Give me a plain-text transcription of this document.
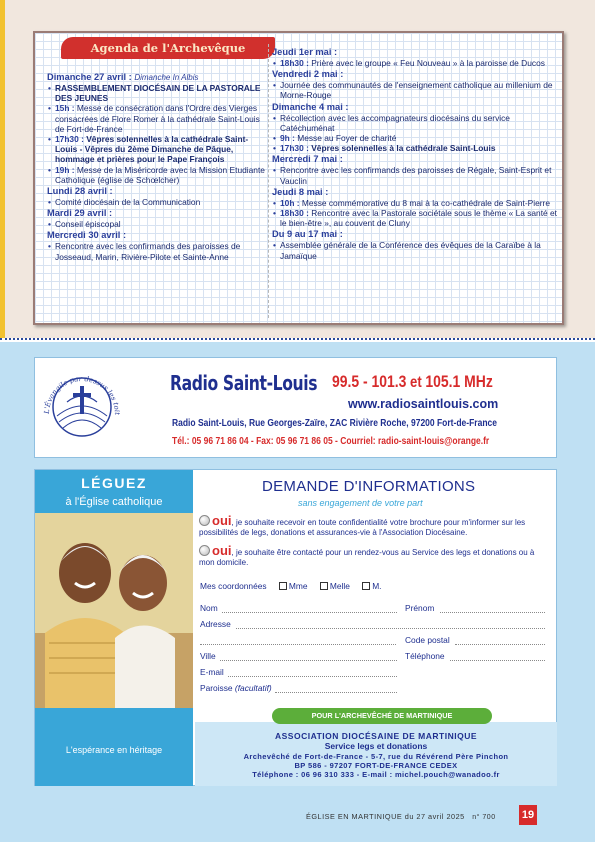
Agenda de l'Archevêque
Dimanche 27 avril : Dimanche In Albis
• RASSEMBLEMENT DIOCÉSAIN DE LA PASTORALE DES JEUNES
• 15h : Messe de consécration dans l'Ordre des Vierges consacrées de Flore Romer à la cathédrale Saint-Louis de Fort-de-France
• 17h30 : Vêpres solennelles à la cathédrale Saint-Louis - Vêpres du 2ème Dimanche de Pâque, hommage et prières pour le Pape François
• 19h : Messe de la Miséricorde avec la Mission Etudiante Catholique (église de Schœlcher)
Lundi 28 avril :
• Comité diocésain de la Communication
Mardi 29 avril :
• Conseil épiscopal
Mercredi 30 avril :
• Rencontre avec les confirmands des paroisses de Josseaud, Marin, Rivière-Pilote et Sainte-Anne
Jeudi 1er mai :
• 18h30 : Prière avec le groupe « Feu Nouveau » à la paroisse de Ducos
Vendredi 2 mai :
• Journée des communautés de l'enseignement catholique au millenium de Morne-Rouge
Dimanche 4 mai :
• Récollection avec les accompagnateurs diocésains du service Catéchuménat
• 9h : Messe au Foyer de charité
• 17h30 : Vêpres solennelles à la cathédrale Saint-Louis
Mercredi 7 mai :
• Rencontre avec les confirmands des paroisses de Régale, Saint-Esprit et Vauclin
Jeudi 8 mai :
• 10h : Messe commémorative du 8 mai à la co-cathédrale de Saint-Pierre
• 18h30 : Rencontre avec la Pastorale sociétale sous le thème « La santé et le bien-être », au couvent de Cluny
Du 9 au 17 mai :
• Assemblée générale de la Conférence des évêques de la Caraïbe à la Jamaïque
L'Évangile par dessus les toit
Radio Saint-Louis 99.5 - 101.3 et 105.1 MHz
www.radiosaintlouis.com
Radio Saint-Louis, Rue Georges-Zaïre, ZAC Rivière Roche, 97200 Fort-de-France
Tél.: 05 96 71 86 04 - Fax: 05 96 71 86 05 - Courriel: radio-saint-louis@orange.fr
LÉGUEZ
à l'Église catholique
L'espérance en héritage
DEMANDE D'INFORMATIONS
sans engagement de votre part
oui, je souhaite recevoir en toute confidentialité votre brochure pour m'informer sur les possibilités de legs, donations et assurances-vie à l'Association Diocésaine.
oui, je souhaite être contacté pour un rendez-vous au Service des legs et donations ou à mon domicile.
Mes coordonnées	Mme	Melle	M.
Nom	Prénom
Adresse
Code postal
Ville	Téléphone
E-mail
Paroisse (facultatif)
POUR L'ARCHEVÊCHÉ DE MARTINIQUE
ASSOCIATION DIOCÉSAINE DE MARTINIQUE
Service legs et donations
Archevêché de Fort-de-France - 5-7, rue du Révérend Père Pinchon
BP 586 - 97207 FORT-DE-FRANCE CEDEX
Téléphone : 06 96 310 333 - E-mail : michel.pouch@wanadoo.fr
ÉGLISE EN MARTINIQUE du 27 avril 2025 n° 700 19
